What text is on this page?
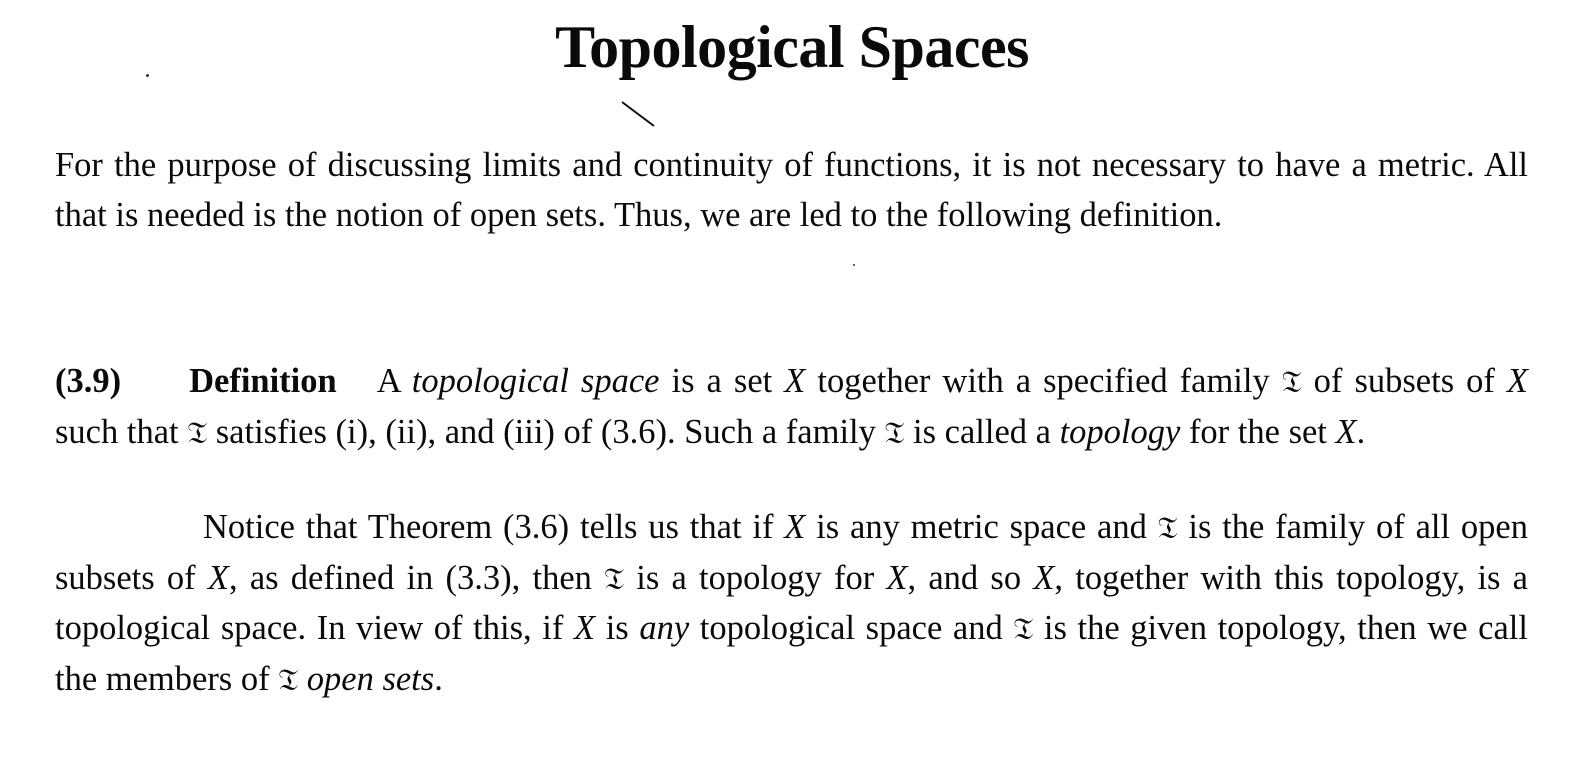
Topological Spaces

For the purpose of discussing limits and continuity of functions, it is not necessary to have a metric. All that is needed is the notion of open sets. Thus, we are led to the following definition.

(3.9) Definition A topological space is a set X together with a specified family 𝔗 of subsets of X such that 𝔗 satisfies (i), (ii), and (iii) of (3.6). Such a family 𝔗 is called a topology for the set X.

Notice that Theorem (3.6) tells us that if X is any metric space and 𝔗 is the family of all open subsets of X, as defined in (3.3), then 𝔗 is a topology for X, and so X, together with this topology, is a topological space. In view of this, if X is any topological space and 𝔗 is the given topology, then we call the members of 𝔗 open sets.
